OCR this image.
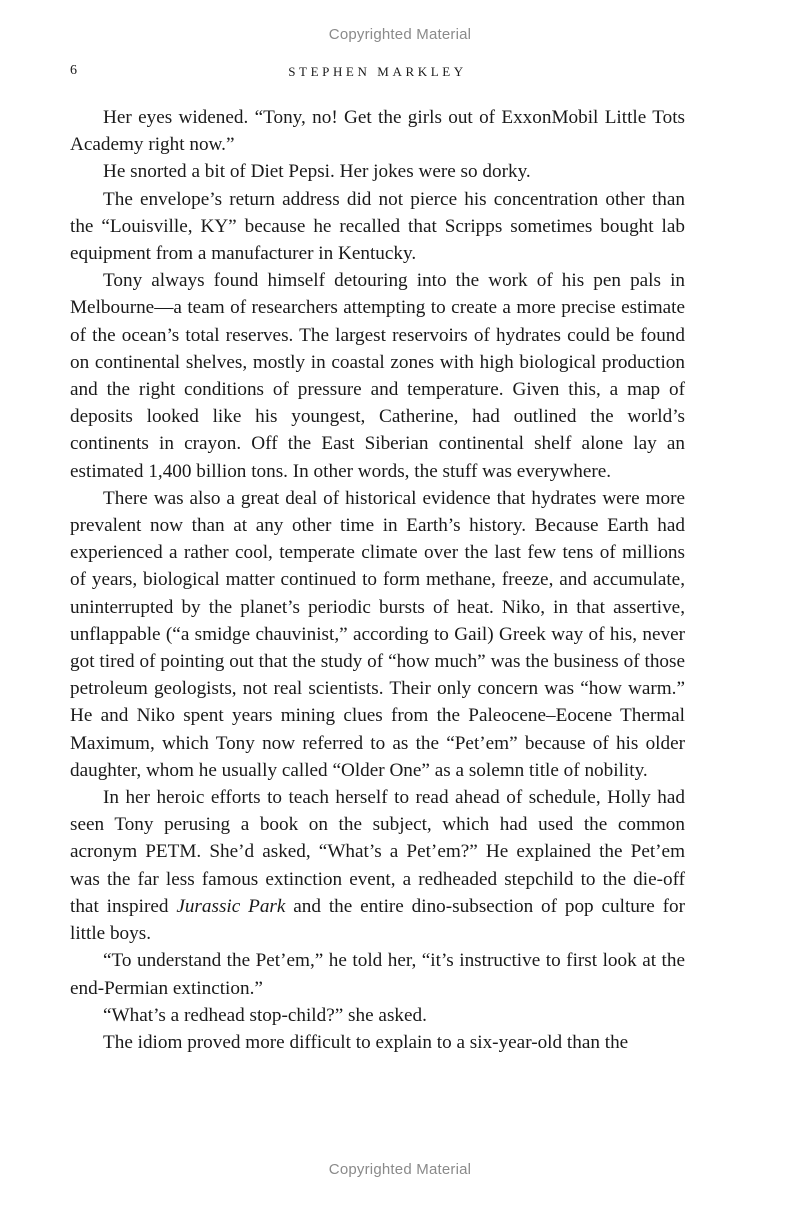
Copyrighted Material
6	STEPHEN MARKLEY

Her eyes widened. “Tony, no! Get the girls out of ExxonMobil Little Tots Academy right now.”

He snorted a bit of Diet Pepsi. Her jokes were so dorky.

The envelope’s return address did not pierce his concentration other than the “Louisville, KY” because he recalled that Scripps sometimes bought lab equipment from a manufacturer in Kentucky.

Tony always found himself detouring into the work of his pen pals in Melbourne—a team of researchers attempting to create a more precise estimate of the ocean’s total reserves. The largest reservoirs of hydrates could be found on continental shelves, mostly in coastal zones with high biological production and the right conditions of pressure and temperature. Given this, a map of deposits looked like his youngest, Catherine, had outlined the world’s continents in crayon. Off the East Siberian continental shelf alone lay an estimated 1,400 billion tons. In other words, the stuff was everywhere.

There was also a great deal of historical evidence that hydrates were more prevalent now than at any other time in Earth’s history. Because Earth had experienced a rather cool, temperate climate over the last few tens of millions of years, biological matter continued to form methane, freeze, and accumulate, uninterrupted by the planet’s periodic bursts of heat. Niko, in that assertive, unflappable (“a smidge chauvinist,” according to Gail) Greek way of his, never got tired of pointing out that the study of “how much” was the business of those petroleum geologists, not real scientists. Their only concern was “how warm.” He and Niko spent years mining clues from the Paleocene–Eocene Thermal Maximum, which Tony now referred to as the “Pet’em” because of his older daughter, whom he usually called “Older One” as a solemn title of nobility.

In her heroic efforts to teach herself to read ahead of schedule, Holly had seen Tony perusing a book on the subject, which had used the common acronym PETM. She’d asked, “What’s a Pet’em?” He explained the Pet’em was the far less famous extinction event, a redheaded stepchild to the die-off that inspired Jurassic Park and the entire dino-subsection of pop culture for little boys.

“To understand the Pet’em,” he told her, “it’s instructive to first look at the end-Permian extinction.”

“What’s a redhead stop-child?” she asked.

The idiom proved more difficult to explain to a six-year-old than the

Copyrighted Material
